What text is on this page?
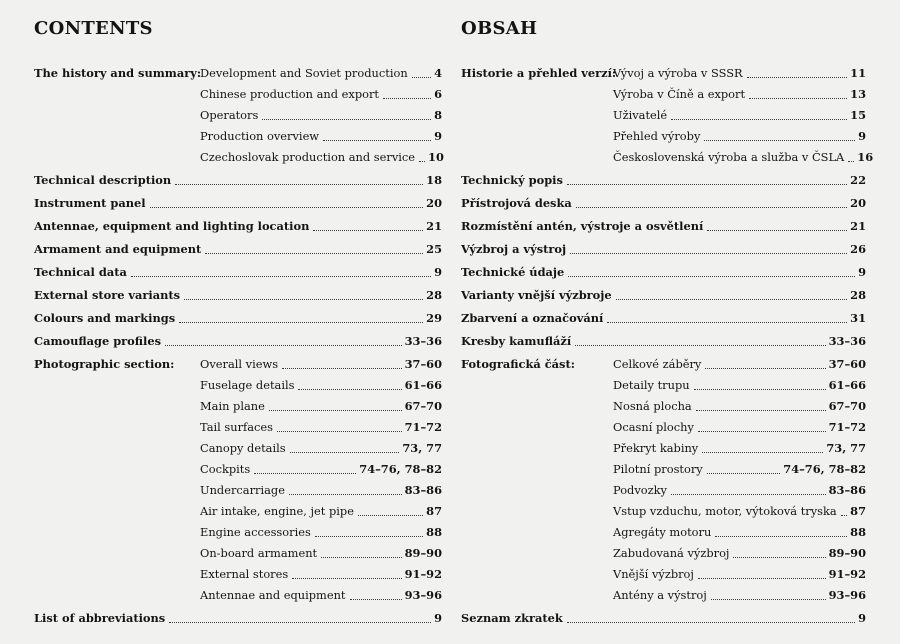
CONTENTS
The history and summary:
Development and Soviet production 4
Chinese production and export	6
Operators	8
Production overview	9
Czechoslovak production and service 10
Technical description	18
Instrument panel	20
Antennae, equipment and lighting location	21
Armament and equipment	25
Technical data	9
External store variants	28
Colours and markings	29
Camouflage profiles	33–36
Photographic section: Overall views	37–60
Fuselage details	61–66
Main plane	67–70
Tail surfaces	71–72
Canopy details	73, 77
Cockpits	74–76, 78–82
Undercarriage	83–86
Air intake, engine, jet pipe	87
Engine accessories	88
On-board armament	89–90
External stores	91–92
Antennae and equipment	93–96
List of abbreviations	9
OBSAH
Historie a přehled verzí:
Vývoj a výroba v SSSR	11
Výroba v Číně a export	13
Uživatelé	15
Přehled výroby	9
Československá výroba a služba v ČSLA 16
Technický popis	22
Přístrojová deska	20
Rozmístění antén, výstroje a osvětlení	21
Výzbroj a výstroj	26
Technické údaje	9
Varianty vnější výzbroje	28
Zbarvení a označování	31
Kresby kamufláží	33–36
Fotografická část:	Celkové záběry	37–60
Detaily trupu	61–66
Nosná plocha	67–70
Ocasní plochy	71–72
Překryt kabiny	73, 77
Pilotní prostory	74–76, 78–82
Podvozky	83–86
Vstup vzduchu, motor, výtoková tryska 87
Agregáty motoru	88
Zabudovaná výzbroj	89–90
Vnější výzbroj	91–92
Antény a výstroj	93–96
Seznam zkratek	9
